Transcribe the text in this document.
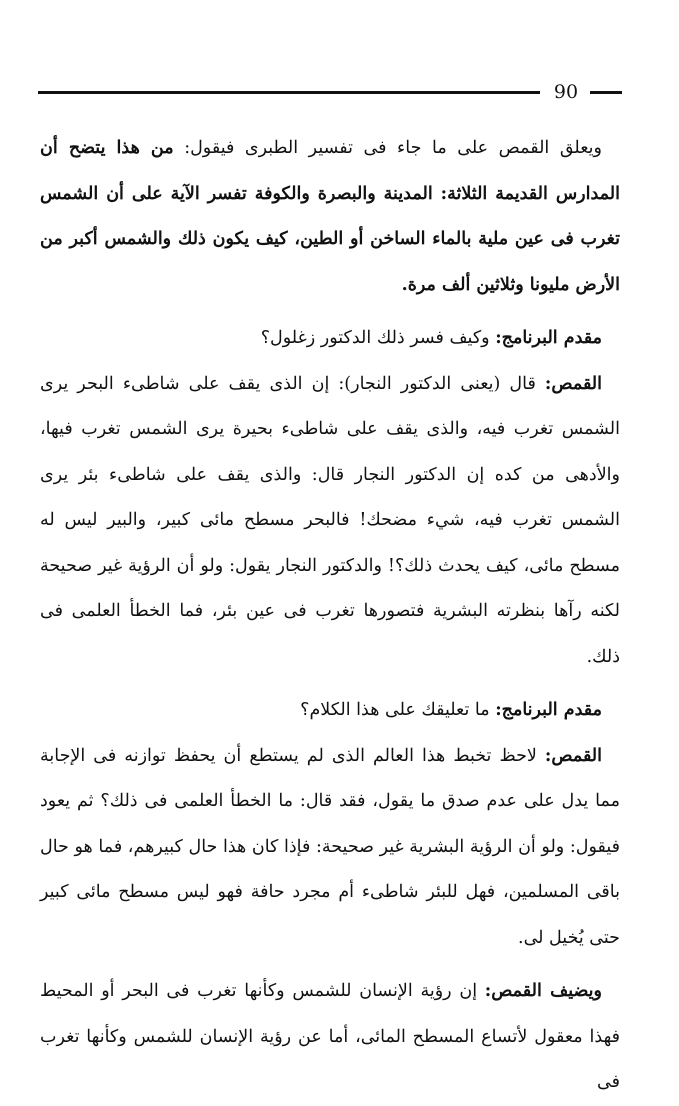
90

ويعلق القمص على ما جاء فى تفسير الطبرى فيقول: من هذا يتضح أن المدارس القديمة الثلاثة: المدينة والبصرة والكوفة تفسر الآية على أن الشمس تغرب فى عين ملية بالماء الساخن أو الطين، كيف يكون ذلك والشمس أكبر من الأرض مليونا وثلاثين ألف مرة.

مقدم البرنامج: وكيف فسر ذلك الدكتور زغلول؟

القمص: قال (يعنى الدكتور النجار): إن الذى يقف على شاطىء البحر يرى الشمس تغرب فيه، والذى يقف على شاطىء بحيرة يرى الشمس تغرب فيها، والأدهى من كده إن الدكتور النجار قال: والذى يقف على شاطىء بئر يرى الشمس تغرب فيه، شيء مضحك! فالبحر مسطح مائى كبير، والبير ليس له مسطح مائى، كيف يحدث ذلك؟! والدكتور النجار يقول: ولو أن الرؤية غير صحيحة لكنه رآها بنظرته البشرية فتصورها تغرب فى عين بئر، فما الخطأ العلمى فى ذلك.

مقدم البرنامج: ما تعليقك على هذا الكلام؟

القمص: لاحظ تخبط هذا العالم الذى لم يستطع أن يحفظ توازنه فى الإجابة مما يدل على عدم صدق ما يقول، فقد قال: ما الخطأ العلمى فى ذلك؟ ثم يعود فيقول: ولو أن الرؤية البشرية غير صحيحة: فإذا كان هذا حال كبيرهم، فما هو حال باقى المسلمين، فهل للبئر شاطىء أم مجرد حافة فهو ليس مسطح مائى كبير حتى يُخيل لى.

ويضيف القمص: إن رؤية الإنسان للشمس وكأنها تغرب فى البحر أو المحيط فهذا معقول لأتساع المسطح المائى، أما عن رؤية الإنسان للشمس وكأنها تغرب فى
